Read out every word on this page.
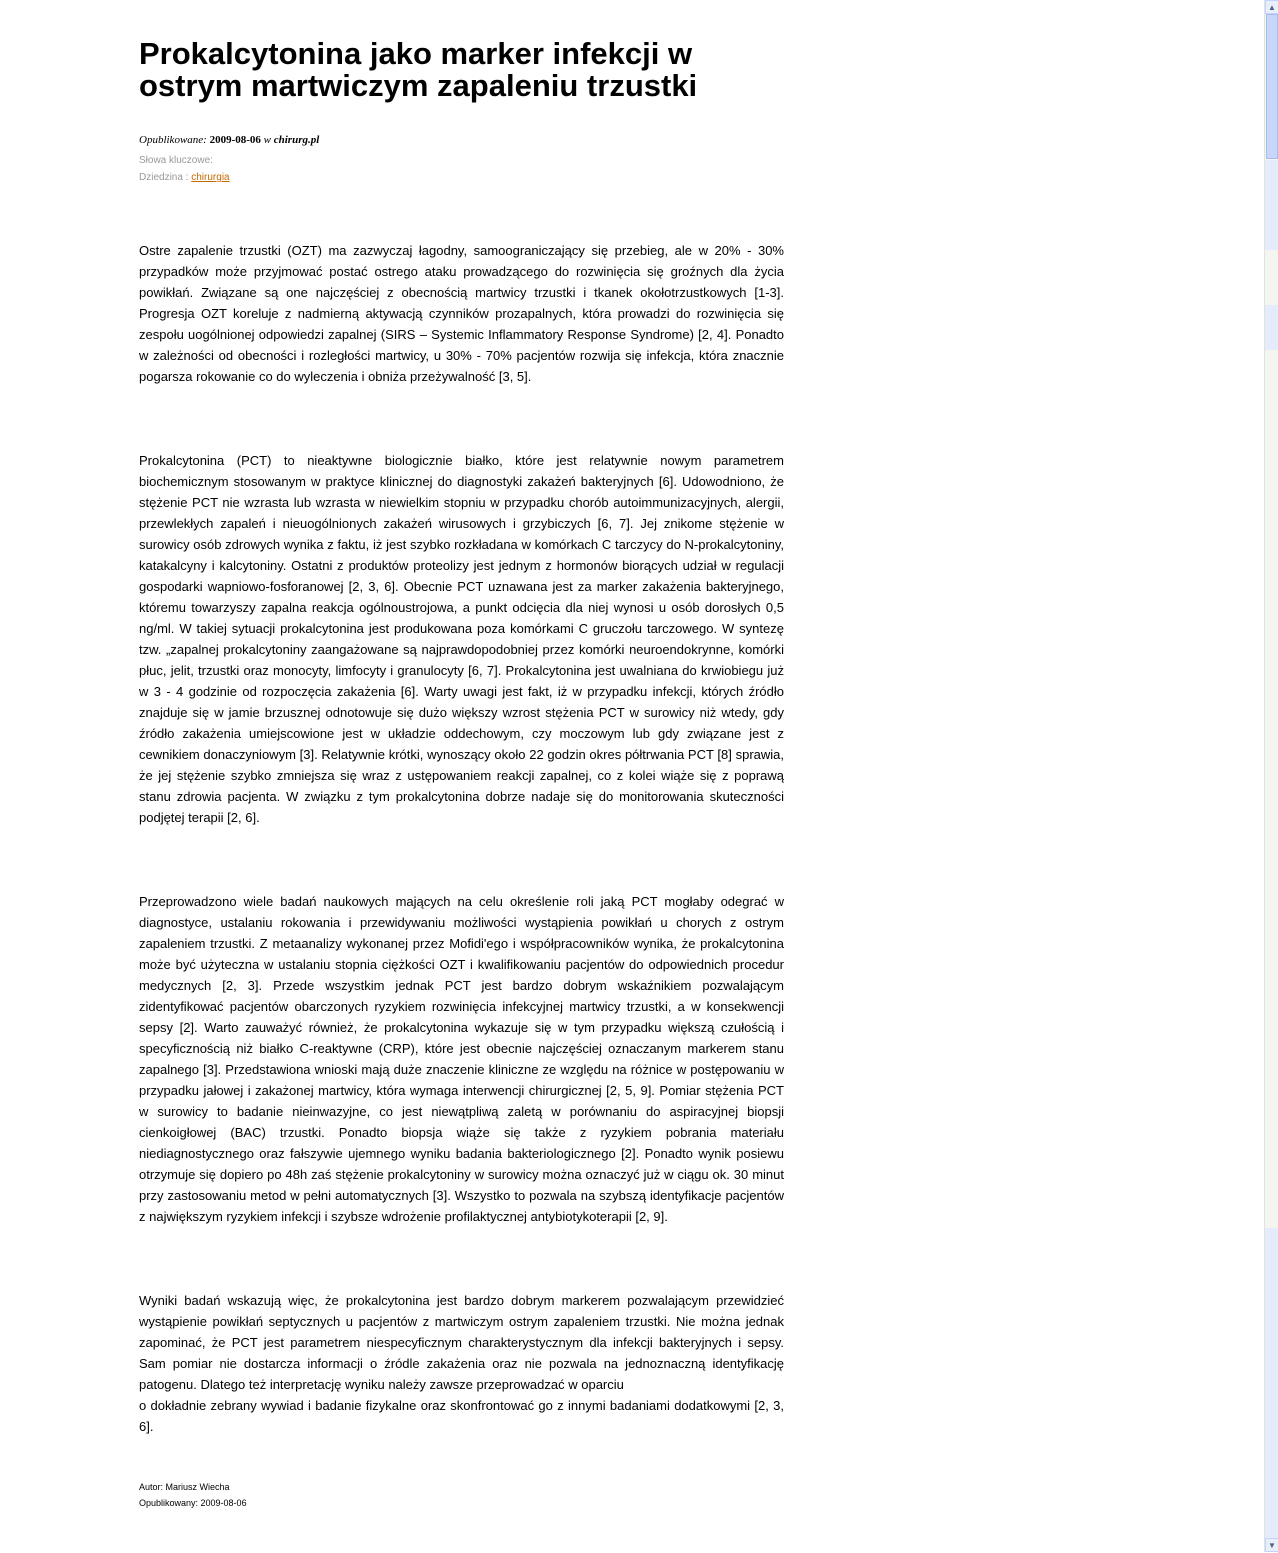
Prokalcytonina jako marker infekcji w ostrym martwiczym zapaleniu trzustki
Opublikowane: 2009-08-06 w chirurg.pl
Słowa kluczowe:
Dziedzina : chirurgia

Ostre zapalenie trzustki (OZT) ma zazwyczaj łagodny, samoograniczający się przebieg, ale w 20% - 30% przypadków może przyjmować postać ostrego ataku prowadzącego do rozwinięcia się groźnych dla życia powikłań. Związane są one najczęściej z obecnością martwicy trzustki i tkanek okołotrzustkowych [1-3]. Progresja OZT koreluje z nadmierną aktywacją czynników prozapalnych, która prowadzi do rozwinięcia się zespołu uogólnionej odpowiedzi zapalnej (SIRS – Systemic Inflammatory Response Syndrome) [2, 4]. Ponadto w zależności od obecności i rozległości martwicy, u 30% - 70% pacjentów rozwija się infekcja, która znacznie pogarsza rokowanie co do wyleczenia i obniża przeżywalność [3, 5].

Prokalcytonina (PCT) to nieaktywne biologicznie białko, które jest relatywnie nowym parametrem biochemicznym stosowanym w praktyce klinicznej do diagnostyki zakażeń bakteryjnych [6]. Udowodniono, że stężenie PCT nie wzrasta lub wzrasta w niewielkim stopniu w przypadku chorób autoimmunizacyjnych, alergii, przewlekłych zapaleń i nieuogólnionych zakażeń wirusowych i grzybiczych [6, 7]. Jej znikome stężenie w surowicy osób zdrowych wynika z faktu, iż jest szybko rozkładana w komórkach C tarczycy do N-prokalcytoniny, katakalcyny i kalcytoniny. Ostatni z produktów proteolizy jest jednym z hormonów biorących udział w regulacji gospodarki wapniowo-fosforanowej [2, 3, 6]. Obecnie PCT uznawana jest za marker zakażenia bakteryjnego, któremu towarzyszy zapalna reakcja ogólnoustrojowa, a punkt odcięcia dla niej wynosi u osób dorosłych 0,5 ng/ml. W takiej sytuacji prokalcytonina jest produkowana poza komórkami C gruczołu tarczowego. W syntezę tzw. „zapalnej prokalcytoniny zaangażowane są najprawdopodobniej przez komórki neuroendokrynne, komórki płuc, jelit, trzustki oraz monocyty, limfocyty i granulocyty [6, 7]. Prokalcytonina jest uwalniana do krwiobiegu już w 3 - 4 godzinie od rozpoczęcia zakażenia [6]. Warty uwagi jest fakt, iż w przypadku infekcji, których źródło znajduje się w jamie brzusznej odnotowuje się dużo większy wzrost stężenia PCT w surowicy niż wtedy, gdy źródło zakażenia umiejscowione jest w układzie oddechowym, czy moczowym lub gdy związane jest z cewnikiem donaczyniowym [3]. Relatywnie krótki, wynoszący około 22 godzin okres półtrwania PCT [8] sprawia, że jej stężenie szybko zmniejsza się wraz z ustępowaniem reakcji zapalnej, co z kolei wiąże się z poprawą stanu zdrowia pacjenta. W związku z tym prokalcytonina dobrze nadaje się do monitorowania skuteczności podjętej terapii [2, 6].

Przeprowadzono wiele badań naukowych mających na celu określenie roli jaką PCT mogłaby odegrać w diagnostyce, ustalaniu rokowania i przewidywaniu możliwości wystąpienia powikłań u chorych z ostrym zapaleniem trzustki. Z metaanalizy wykonanej przez Mofidi'ego i współpracowników wynika, że prokalcytonina może być użyteczna w ustalaniu stopnia ciężkości OZT i kwalifikowaniu pacjentów do odpowiednich procedur medycznych [2, 3]. Przede wszystkim jednak PCT jest bardzo dobrym wskaźnikiem pozwalającym zidentyfikować pacjentów obarczonych ryzykiem rozwinięcia infekcyjnej martwicy trzustki, a w konsekwencji sepsy [2]. Warto zauważyć również, że prokalcytonina wykazuje się w tym przypadku większą czułością i specyficznością niż białko C-reaktywne (CRP), które jest obecnie najczęściej oznaczanym markerem stanu zapalnego [3]. Przedstawiona wnioski mają duże znaczenie kliniczne ze względu na różnice w postępowaniu w przypadku jałowej i zakażonej martwicy, która wymaga interwencji chirurgicznej [2, 5, 9]. Pomiar stężenia PCT w surowicy to badanie nieinwazyjne, co jest niewątpliwą zaletą w porównaniu do aspiracyjnej biopsji cienkoigłowej (BAC) trzustki. Ponadto biopsja wiąże się także z ryzykiem pobrania materiału niediagnostycznego oraz fałszywie ujemnego wyniku badania bakteriologicznego [2]. Ponadto wynik posiewu otrzymuje się dopiero po 48h zaś stężenie prokalcytoniny w surowicy można oznaczyć już w ciągu ok. 30 minut przy zastosowaniu metod w pełni automatycznych [3]. Wszystko to pozwala na szybszą identyfikacje pacjentów z największym ryzykiem infekcji i szybsze wdrożenie profilaktycznej antybiotykoterapii [2, 9].

Wyniki badań wskazują więc, że prokalcytonina jest bardzo dobrym markerem pozwalającym przewidzieć wystąpienie powikłań septycznych u pacjentów z martwiczym ostrym zapaleniem trzustki. Nie można jednak zapominać, że PCT jest parametrem niespecyficznym charakterystycznym dla infekcji bakteryjnych i sepsy. Sam pomiar nie dostarcza informacji o źródle zakażenia oraz nie pozwala na jednoznaczną identyfikację patogenu. Dlatego też interpretację wyniku należy zawsze przeprowadzać w oparciu

o dokładnie zebrany wywiad i badanie fizykalne oraz skonfrontować go z innymi badaniami dodatkowymi [2, 3, 6].

Autor: Mariusz Wiecha
Opublikowany: 2009-08-06
▲
▼
